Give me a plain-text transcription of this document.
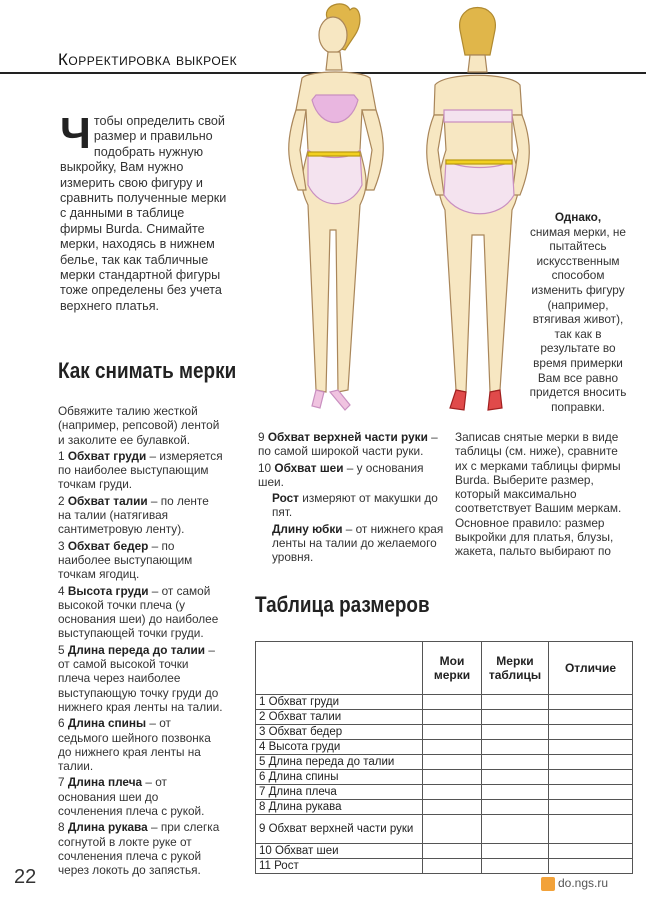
Корректировка выкроек
Чтобы определить свой размер и правильно подобрать нужную выкройку, Вам нужно измерить свою фигуру и сравнить полученные мерки с данными в таблице фирмы Burda. Снимайте мерки, находясь в нижнем белье, так как табличные мерки стандартной фигуры тоже определены без учета верхнего платья.
Однако,
снимая мерки, не пытайтесь искусственным способом изменить фигуру (например, втягивая живот), так как в результате во время примерки Вам все равно придется вносить поправки.
Как снимать мерки
Обвяжите талию жесткой (например, репсовой) лентой и заколите ее булавкой.
1 Обхват груди – измеряется по наиболее выступающим точкам груди.
2 Обхват талии – по ленте на талии (натягивая сантиметровую ленту).
3 Обхват бедер – по наиболее выступающим точкам ягодиц.
4 Высота груди – от самой высокой точки плеча (у основания шеи) до наиболее выступающей точки груди.
5 Длина переда до талии – от самой высокой точки плеча через наиболее выступающую точку груди до нижнего края ленты на талии.
6 Длина спины – от седьмого шейного позвонка до нижнего края ленты на талии.
7 Длина плеча – от основания шеи до сочленения плеча с рукой.
8 Длина рукава – при слегка согнутой в локте руке от сочленения плеча с рукой через локоть до запястья.
9 Обхват верхней части руки – по самой широкой части руки.
10 Обхват шеи – у основания шеи.
Рост измеряют от макушки до пят.
Длину юбки – от нижнего края ленты на талии до желаемого уровня.
Записав снятые мерки в виде таблицы (см. ниже), сравните их с мерками таблицы фирмы Burda. Выберите размер, который максимально соответствует Вашим меркам. Основное правило: размер выкройки для платья, блузы, жакета, пальто выбирают по
Таблица размеров
	Мои мерки	Мерки таблицы	Отличие
1 Обхват груди			
2 Обхват талии			
3 Обхват бедер			
4 Высота груди			
5 Длина переда до талии			
6 Длина спины			
7 Длина плеча			
8 Длина рукава			
9 Обхват верхней части руки			
10 Обхват шеи			
11 Рост			
22	do.ngs.ru
